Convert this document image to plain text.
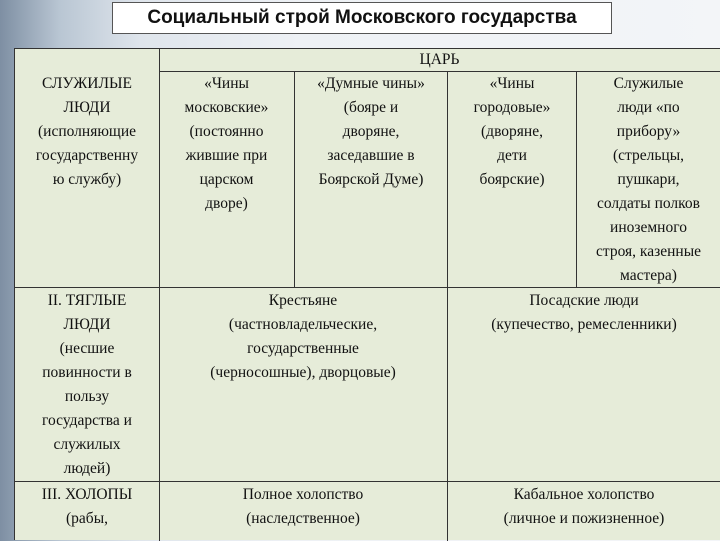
Социальный строй Московского государства
ЦАРЬ
СЛУЖИЛЫЕ
ЛЮДИ
(исполняющие
государственну
ю службу)
«Чины
московские»
(постоянно
жившие при
царском
дворе)
«Думные чины»
(бояре и
дворяне,
заседавшие в
Боярской Думе)
«Чины
городовые»
(дворяне,
дети
боярские)
Служилые
люди «по
прибору»
(стрельцы,
пушкари,
солдаты полков
иноземного
строя, казенные
мастера)
II. ТЯГЛЫЕ
ЛЮДИ
(несшие
повинности в
пользу
государства и
служилых
людей)
Крестьяне
(частновладельческие,
государственные
(черносошные), дворцовые)
Посадские люди
(купечество, ремесленники)
III. ХОЛОПЫ
(рабы,
Полное холопство
(наследственное)
Кабальное холопство
(личное и пожизненное)
